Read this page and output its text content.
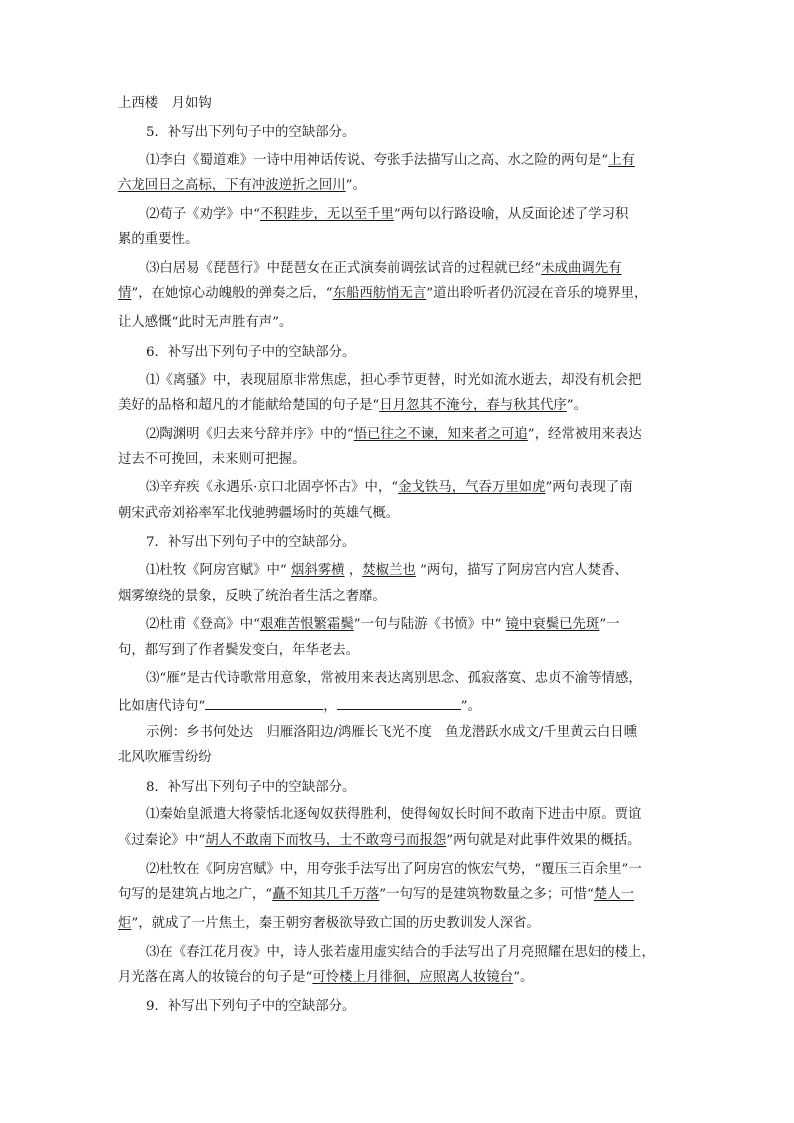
上西楼　月如钩
5．补写出下列句子中的空缺部分。
⑴李白《蜀道难》一诗中用神话传说、夸张手法描写山之高、水之险的两句是“上有
六龙回日之高标，下有冲波逆折之回川”。
⑵荀子《劝学》中“不积跬步，无以至千里”两句以行路设喻，从反面论述了学习积
累的重要性。
⑶白居易《琵琶行》中琵琶女在正式演奏前调弦试音的过程就已经“未成曲调先有
情”，在她惊心动魄般的弹奏之后，“东船西舫悄无言”道出聆听者仍沉浸在音乐的境界里，
让人感慨“此时无声胜有声”。
6．补写出下列句子中的空缺部分。
⑴《离骚》中，表现屈原非常焦虑，担心季节更替，时光如流水逝去，却没有机会把
美好的品格和超凡的才能献给楚国的句子是“日月忽其不淹兮，春与秋其代序”。
⑵陶渊明《归去来兮辞并序》中的“悟已往之不谏，知来者之可追”，经常被用来表达
过去不可挽回，未来则可把握。
⑶辛弃疾《永遇乐·京口北固亭怀古》中，“金戈铁马，气吞万里如虎”两句表现了南
朝宋武帝刘裕率军北伐驰骋疆场时的英雄气概。
7．补写出下列句子中的空缺部分。
⑴杜牧《阿房宫赋》中“ 烟斜雾横 ，焚椒兰也 ”两句，描写了阿房宫内宫人焚香、
烟雾缭绕的景象，反映了统治者生活之奢靡。
⑵杜甫《登高》中“艰难苦恨繁霜鬓”一句与陆游《书愤》中“ 镜中衰鬓已先斑”一
句，都写到了作者鬓发变白，年华老去。
⑶“雁”是古代诗歌常用意象，常被用来表达离别思念、孤寂落寞、忠贞不渝等情感，
比如唐代诗句“	，	”。
示例：乡书何处达　归雁洛阳边/鸿雁长飞光不度　鱼龙潜跃水成文/千里黄云白日曛
北风吹雁雪纷纷
8．补写出下列句子中的空缺部分。
⑴秦始皇派遣大将蒙恬北逐匈奴获得胜利，使得匈奴长时间不敢南下进击中原。贾谊
《过秦论》中“胡人不敢南下而牧马，士不敢弯弓而报怨”两句就是对此事件效果的概括。
⑵杜牧在《阿房宫赋》中，用夸张手法写出了阿房宫的恢宏气势，“覆压三百余里”一
句写的是建筑占地之广，“矗不知其几千万落”一句写的是建筑物数量之多；可惜“楚人一
炬”，就成了一片焦土，秦王朝穷奢极欲导致亡国的历史教训发人深省。
⑶在《春江花月夜》中，诗人张若虚用虚实结合的手法写出了月亮照耀在思妇的楼上，
月光落在离人的妆镜台的句子是“可怜楼上月徘徊，应照离人妆镜台”。
9．补写出下列句子中的空缺部分。
